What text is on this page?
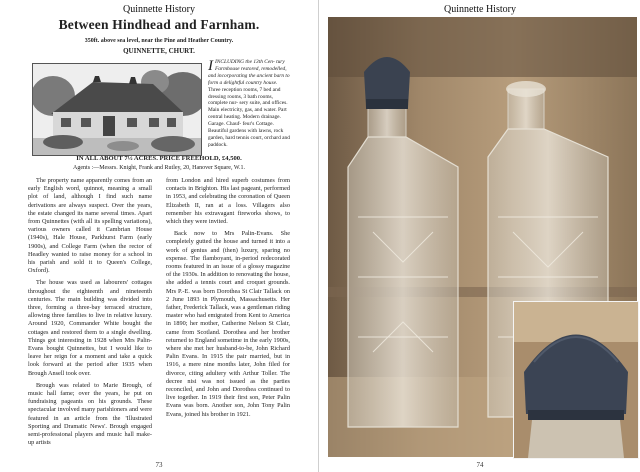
Quinnette History
Between Hindhead and Farnham.
350ft. above sea level, near the Pine and Heather Country.
QUINNETTE, CHURT.
I INCLUDING the 13th Cen- tury Farmhouse restored, remodelled, and incorporating the ancient barn to form a delightful country house. Three reception rooms, 7 bed and dressing rooms, 3 bath rooms, complete nur- sery suite, and offices. Main electricity, gas, and water. Part central heating. Modern drainage. Garage. Chauf- feur's Cottage. Beautiful gardens with lawns, rock garden, hard tennis court, orchard and paddock.
IN ALL ABOUT 7½ ACRES. PRICE FREEHOLD, £4,500.
Agents :—Messrs. Knight, Frank and Rutley, 20, Hanover Square, W.1.

The property name apparently comes from an early English word, quinnot, meaning a small plot of land, although I find such name derivations are always suspect. Over the years, the estate changed its name several times. Apart from Quinnettes (with all its spelling variations), various owners called it Cambrian House (1940s), Hale House, Parkhurst Farm (early 1900s), and College Farm (when the rector of Headley wanted to raise money for a school in his parish and sold it to Queen's College, Oxford).

The house was used as labourers' cottages throughout the eighteenth and nineteenth centuries. The main building was divided into three, forming a three-bay terraced structure, allowing three families to live in relative luxury. Around 1920, Commander White bought the cottages and restored them to a single dwelling. Things got interesting in 1928 when Mrs Palin-Evans bought Quinnettes, but I would like to leave her reign for a moment and take a quick look forward at the period after 1935 when Brough Ansell took over.

Brough was related to Marie Brough, of music hall fame; over the years, he put on fundraising pageants on his grounds. These spectacular involved many parishioners and were featured in an article from the 'Illustrated Sporting and Dramatic News'. Brough engaged semi-professional players and music hall make-up artists

from London and hired superb costumes from contacts in Brighton. His last pageant, performed in 1953, and celebrating the coronation of Queen Elizabeth II, ran at a loss. Villagers also remember his extravagant fireworks shows, to which they were invited.

Back now to Mrs Palin-Evans. She completely gutted the house and turned it into a work of genius and (then) luxury, sparing no expense. The flamboyant, in-period redecorated rooms featured in an issue of a glossy magazine of the 1930s. In addition to renovating the house, she added a tennis court and croquet grounds. Mrs P.-E. was born Dorothea St Clair Tallack on 2 June 1893 in Plymouth, Massachusetts. Her father, Frederick Tallack, was a gentleman riding master who had emigrated from Kent to America in 1890; her mother, Catherine Nelson St Clair, came from Scotland. Dorothea and her brother returned to England sometime in the early 1900s, where she met her husband-to-be, John Richard Palin Evans. In 1915 the pair married, but in 1916, a mere nine months later, John filed for divorce, citing adultery with Arthur Toller. The decree nisi was not issued as the parties reconciled, and John and Dorothea continued to live together. In 1919 their first son, Peter Palin Evans was born. Another son, John Tony Palin Evans, joined his brother in 1921.

73
Quinnette History
74
